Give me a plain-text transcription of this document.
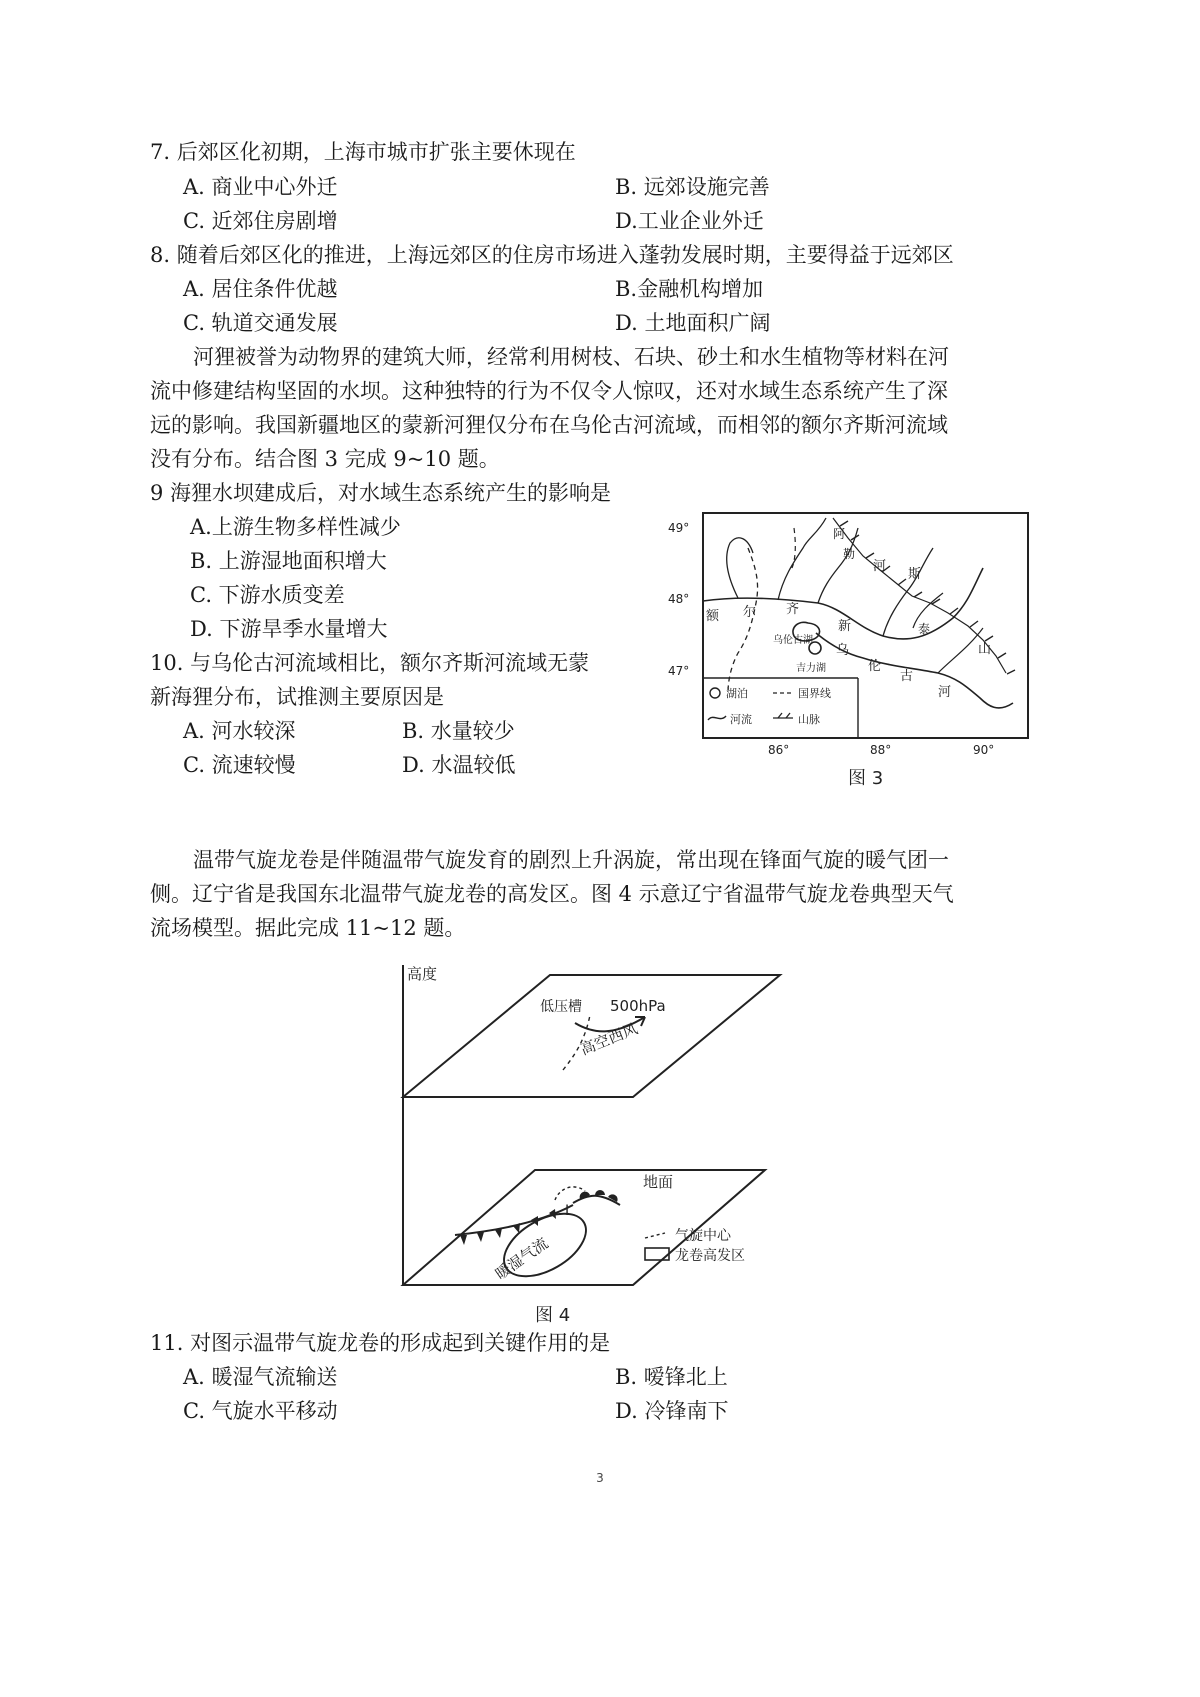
7. 后郊区化初期，上海市城市扩张主要休现在
A. 商业中心外迁	B. 远郊设施完善
C. 近郊住房剧增	D.工业企业外迁
8. 随着后郊区化的推进，上海远郊区的住房市场进入蓬勃发展时期，主要得益于远郊区
A. 居住条件优越	B.金融机构增加
C. 轨道交通发展	D. 土地面积广阔
河狸被誉为动物界的建筑大师，经常利用树枝、石块、砂土和水生植物等材料在河
流中修建结构坚固的水坝。这种独特的行为不仅令人惊叹，还对水域生态系统产生了深
远的影响。我国新疆地区的蒙新河狸仅分布在乌伦古河流域，而相邻的额尔齐斯河流域
没有分布。结合图 3 完成 9~10 题。
9 海狸水坝建成后，对水域生态系统产生的影响是
A.上游生物多样性减少
B. 上游湿地面积增大
C. 下游水质变差
D. 下游旱季水量增大
10. 与乌伦古河流域相比，额尔齐斯河流域无蒙
新海狸分布，试推测主要原因是
A. 河水较深	B. 水量较少
C. 流速较慢	D. 水温较低
49°
48°
47°
86°	88°	90°
额 尔 齐
斯
河
乌伦古湖
吉力湖
乌
伦
古
河
新
山
阿
勒
泰
湖泊	国界线
河流	山脉
图 3
温带气旋龙卷是伴随温带气旋发育的剧烈上升涡旋，常出现在锋面气旋的暖气团一
侧。辽宁省是我国东北温带气旋龙卷的高发区。图 4 示意辽宁省温带气旋龙卷典型天气
流场模型。据此完成 11~12 题。
高度
低压槽 500hPa
高空西风
地面
L
暖湿气流	气旋中心
龙卷高发区
图 4
11. 对图示温带气旋龙卷的形成起到关键作用的是
A. 暖湿气流输送	B. 嗳锋北上
C. 气旋水平移动	D. 冷锋南下
3
